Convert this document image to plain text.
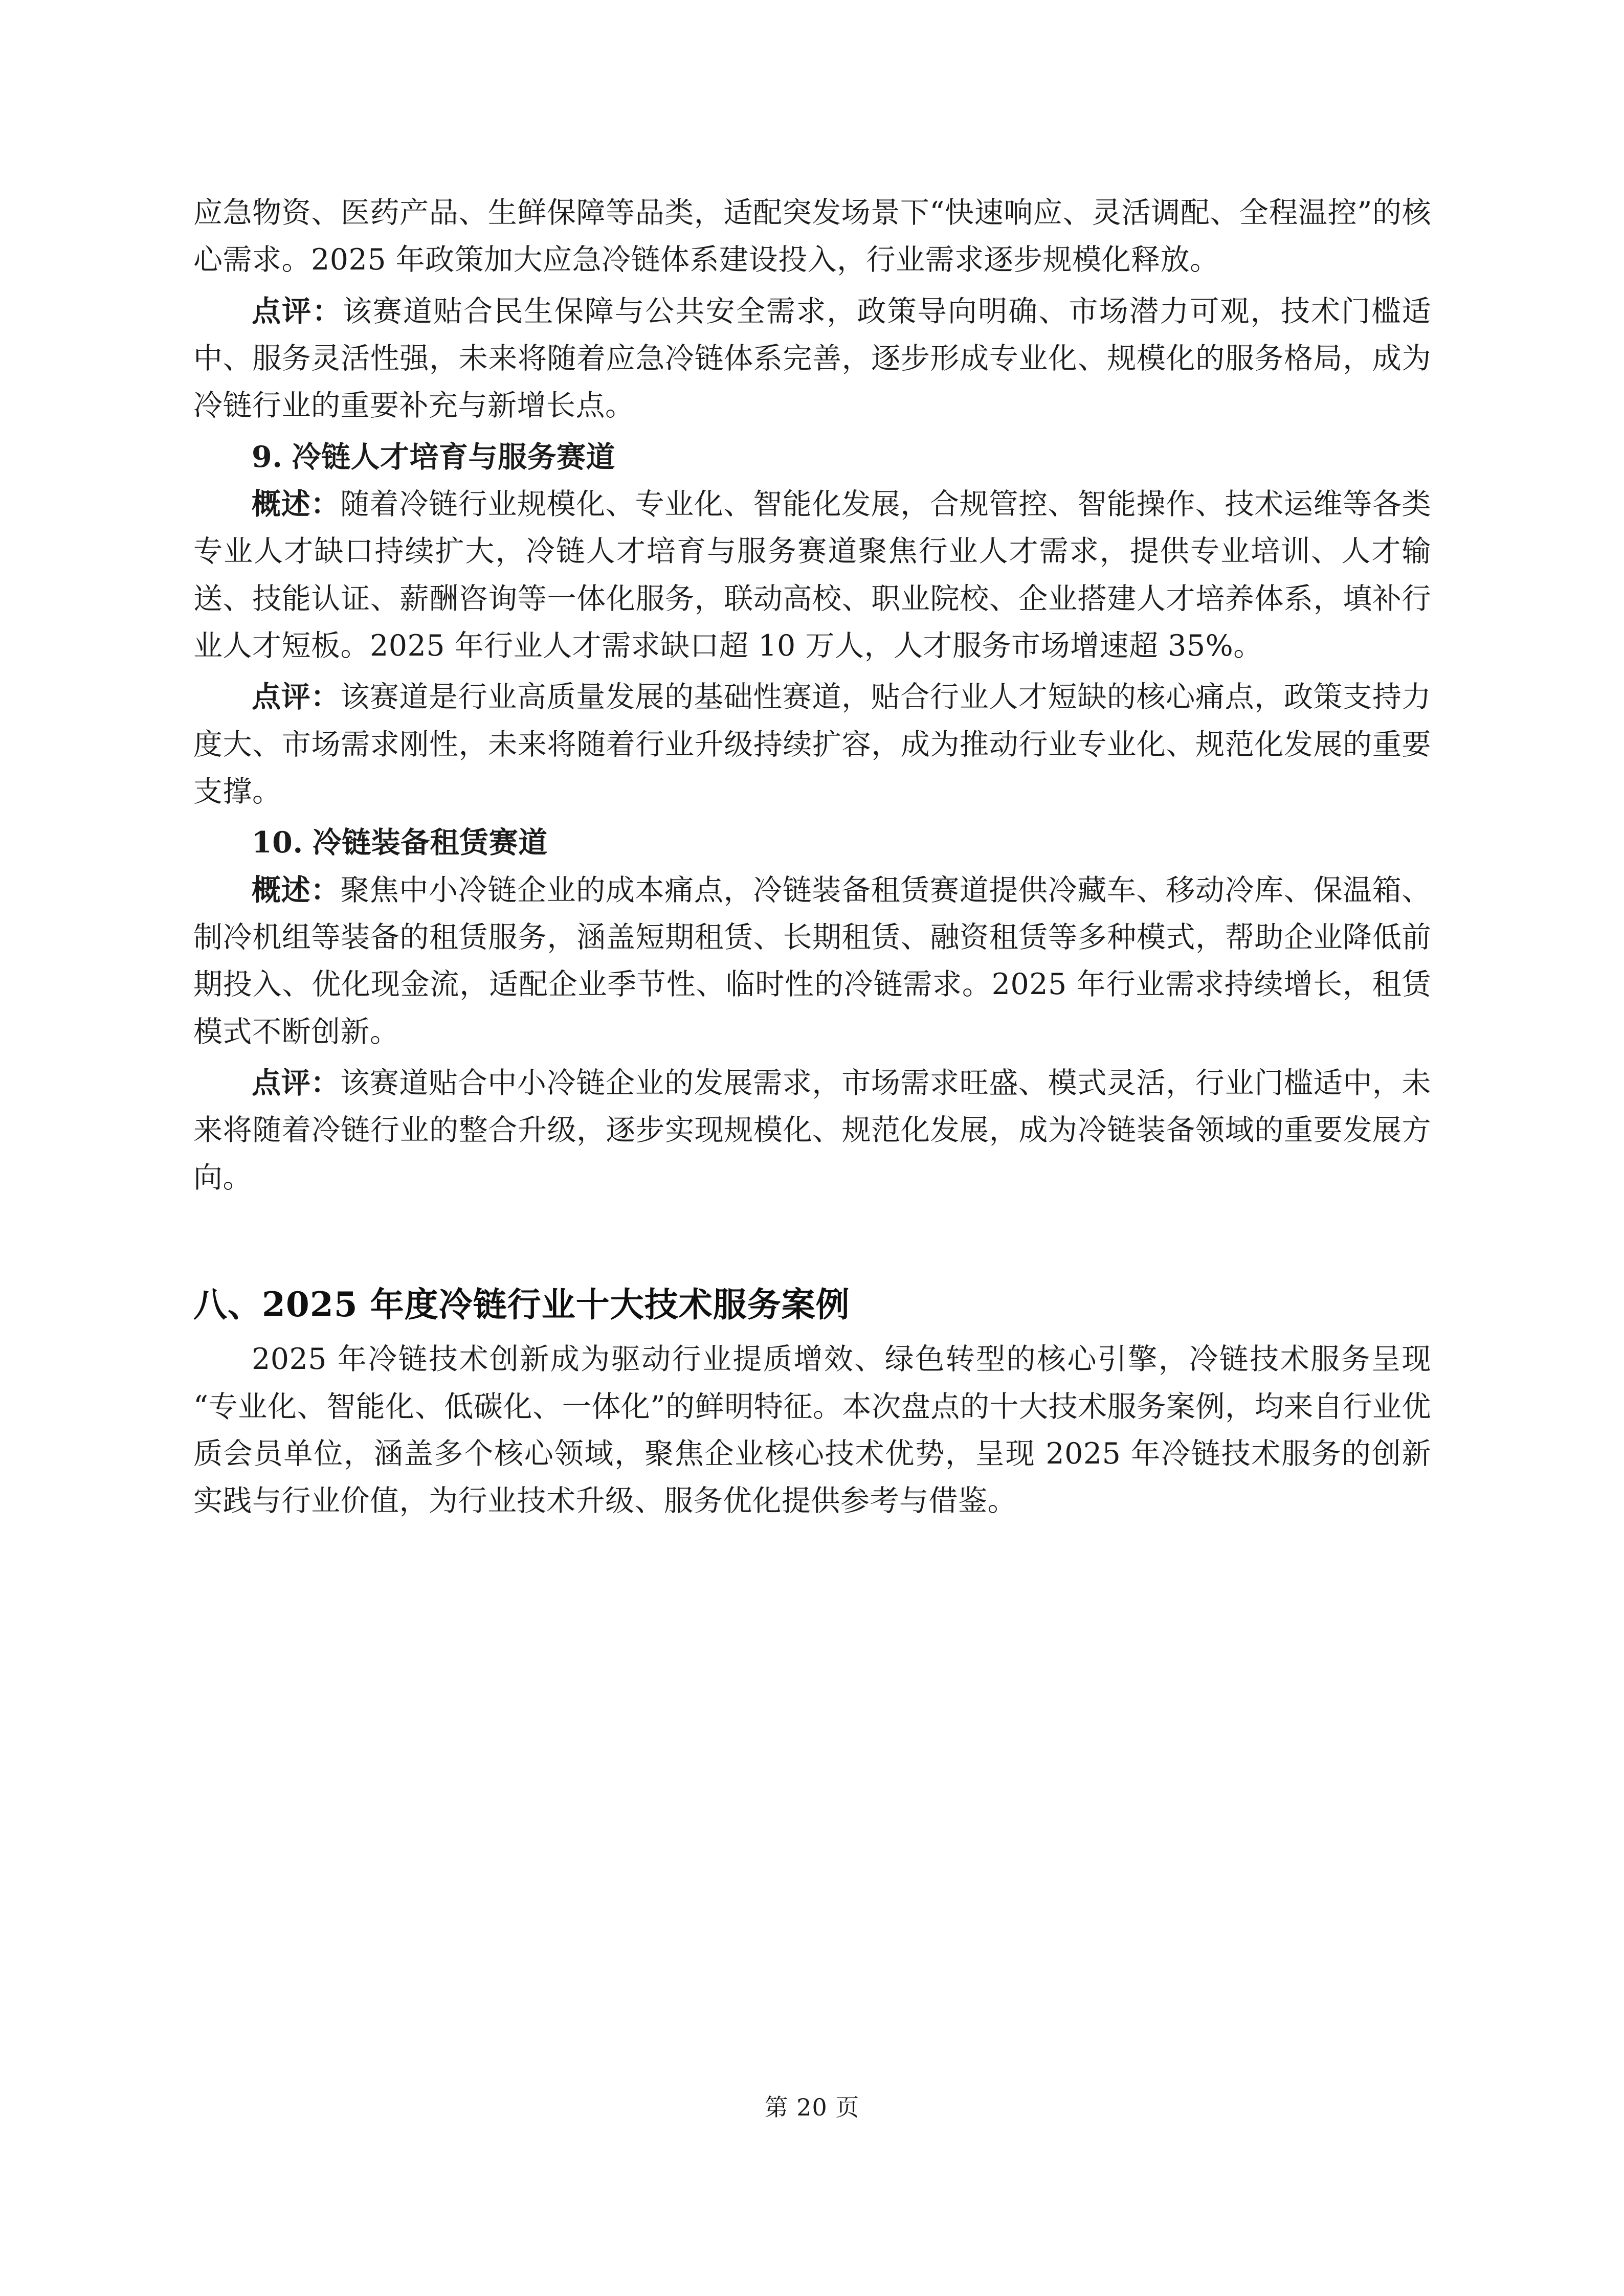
应急物资、医药产品、生鲜保障等品类，适配突发场景下“快速响应、灵活调配、全程温控”的核心需求。2025 年政策加大应急冷链体系建设投入，行业需求逐步规模化释放。

点评：该赛道贴合民生保障与公共安全需求，政策导向明确、市场潜力可观，技术门槛适中、服务灵活性强，未来将随着应急冷链体系完善，逐步形成专业化、规模化的服务格局，成为冷链行业的重要补充与新增长点。

9. 冷链人才培育与服务赛道

概述：随着冷链行业规模化、专业化、智能化发展，合规管控、智能操作、技术运维等各类专业人才缺口持续扩大，冷链人才培育与服务赛道聚焦行业人才需求，提供专业培训、人才输送、技能认证、薪酬咨询等一体化服务，联动高校、职业院校、企业搭建人才培养体系，填补行业人才短板。2025 年行业人才需求缺口超 10 万人，人才服务市场增速超 35%。

点评：该赛道是行业高质量发展的基础性赛道，贴合行业人才短缺的核心痛点，政策支持力度大、市场需求刚性，未来将随着行业升级持续扩容，成为推动行业专业化、规范化发展的重要支撑。

10. 冷链装备租赁赛道

概述：聚焦中小冷链企业的成本痛点，冷链装备租赁赛道提供冷藏车、移动冷库、保温箱、制冷机组等装备的租赁服务，涵盖短期租赁、长期租赁、融资租赁等多种模式，帮助企业降低前期投入、优化现金流，适配企业季节性、临时性的冷链需求。2025 年行业需求持续增长，租赁模式不断创新。

点评：该赛道贴合中小冷链企业的发展需求，市场需求旺盛、模式灵活，行业门槛适中，未来将随着冷链行业的整合升级，逐步实现规模化、规范化发展，成为冷链装备领域的重要发展方向。

八、2025 年度冷链行业十大技术服务案例

2025 年冷链技术创新成为驱动行业提质增效、绿色转型的核心引擎，冷链技术服务呈现“专业化、智能化、低碳化、一体化”的鲜明特征。本次盘点的十大技术服务案例，均来自行业优质会员单位，涵盖多个核心领域，聚焦企业核心技术优势，呈现 2025 年冷链技术服务的创新实践与行业价值，为行业技术升级、服务优化提供参考与借鉴。

第 20 页
